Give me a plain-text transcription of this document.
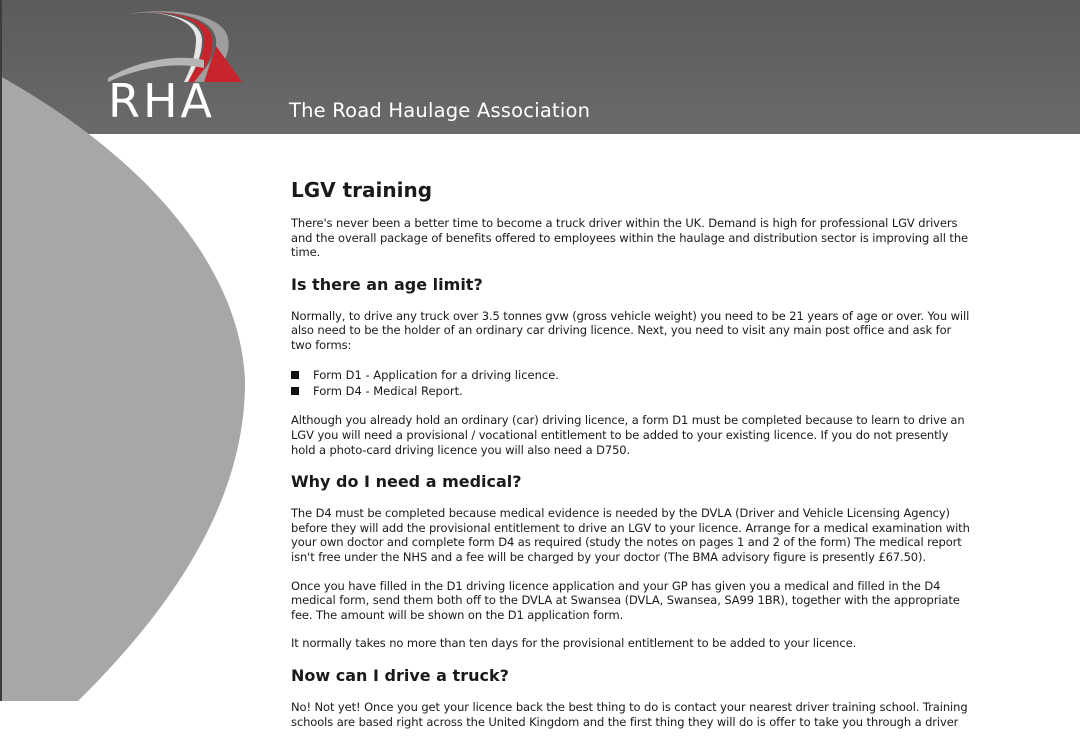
RHA	The Road Haulage Association
LGV training

There's never been a better time to become a truck driver within the UK. Demand is high for professional LGV drivers and the overall package of benefits offered to employees within the haulage and distribution sector is improving all the time.

Is there an age limit?

Normally, to drive any truck over 3.5 tonnes gvw (gross vehicle weight) you need to be 21 years of age or over. You will also need to be the holder of an ordinary car driving licence. Next, you need to visit any main post office and ask for two forms:

Form D1 - Application for a driving licence.
Form D4 - Medical Report.

Although you already hold an ordinary (car) driving licence, a form D1 must be completed because to learn to drive an LGV you will need a provisional / vocational entitlement to be added to your existing licence. If you do not presently hold a photo-card driving licence you will also need a D750.

Why do I need a medical?

The D4 must be completed because medical evidence is needed by the DVLA (Driver and Vehicle Licensing Agency) before they will add the provisional entitlement to drive an LGV to your licence. Arrange for a medical examination with your own doctor and complete form D4 as required (study the notes on pages 1 and 2 of the form) The medical report isn't free under the NHS and a fee will be charged by your doctor (The BMA advisory figure is presently £67.50).

Once you have filled in the D1 driving licence application and your GP has given you a medical and filled in the D4 medical form, send them both off to the DVLA at Swansea (DVLA, Swansea, SA99 1BR), together with the appropriate fee. The amount will be shown on the D1 application form.

It normally takes no more than ten days for the provisional entitlement to be added to your licence.

Now can I drive a truck?

No! Not yet! Once you get your licence back the best thing to do is contact your nearest driver training school. Training schools are based right across the United Kingdom and the first thing they will do is offer to take you through a driver
